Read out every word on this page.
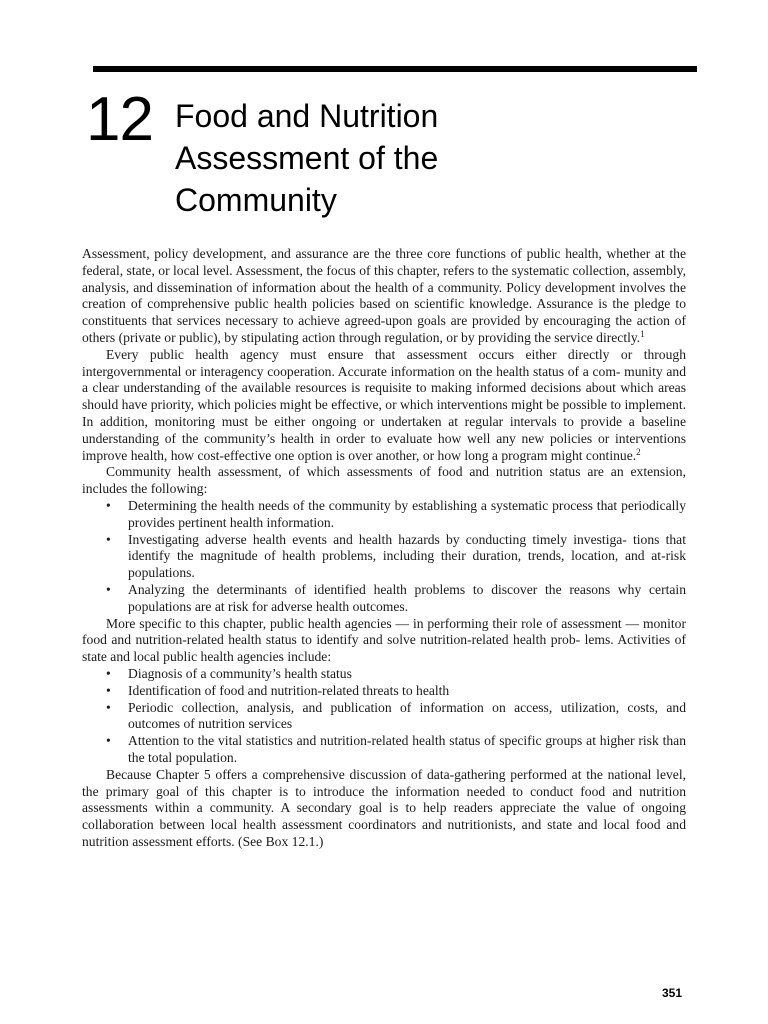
12 Food and Nutrition
Assessment of the
Community

Assessment, policy development, and assurance are the three core functions of public health, whether at the federal, state, or local level. Assessment, the focus of this chapter, refers to the systematic collection, assembly, analysis, and dissemination of information about the health of a community. Policy development involves the creation of comprehensive public health policies based on scientific knowledge. Assurance is the pledge to constituents that services necessary to achieve agreed-upon goals are provided by encouraging the action of others (private or public), by stipulating action through regulation, or by providing the service directly.$^1$

Every public health agency must ensure that assessment occurs either directly or through intergovernmental or interagency cooperation. Accurate information on the health status of a com- munity and a clear understanding of the available resources is requisite to making informed decisions about which areas should have priority, which policies might be effective, or which interventions might be possible to implement. In addition, monitoring must be either ongoing or undertaken at regular intervals to provide a baseline understanding of the community’s health in order to evaluate how well any new policies or interventions improve health, how cost-effective one option is over another, or how long a program might continue.$^2$

Community health assessment, of which assessments of food and nutrition status are an extension, includes the following:

• Determining the health needs of the community by establishing a systematic process that periodically provides pertinent health information.
• Investigating adverse health events and health hazards by conducting timely investiga- tions that identify the magnitude of health problems, including their duration, trends, location, and at-risk populations.
• Analyzing the determinants of identified health problems to discover the reasons why certain populations are at risk for adverse health outcomes.

More specific to this chapter, public health agencies — in performing their role of assessment — monitor food and nutrition-related health status to identify and solve nutrition-related health prob- lems. Activities of state and local public health agencies include:

• Diagnosis of a community’s health status
• Identification of food and nutrition-related threats to health
• Periodic collection, analysis, and publication of information on access, utilization, costs, and outcomes of nutrition services
• Attention to the vital statistics and nutrition-related health status of specific groups at higher risk than the total population.

Because Chapter 5 offers a comprehensive discussion of data-gathering performed at the national level, the primary goal of this chapter is to introduce the information needed to conduct food and nutrition assessments within a community. A secondary goal is to help readers appreciate the value of ongoing collaboration between local health assessment coordinators and nutritionists, and state and local food and nutrition assessment efforts. (See Box 12.1.)

351
